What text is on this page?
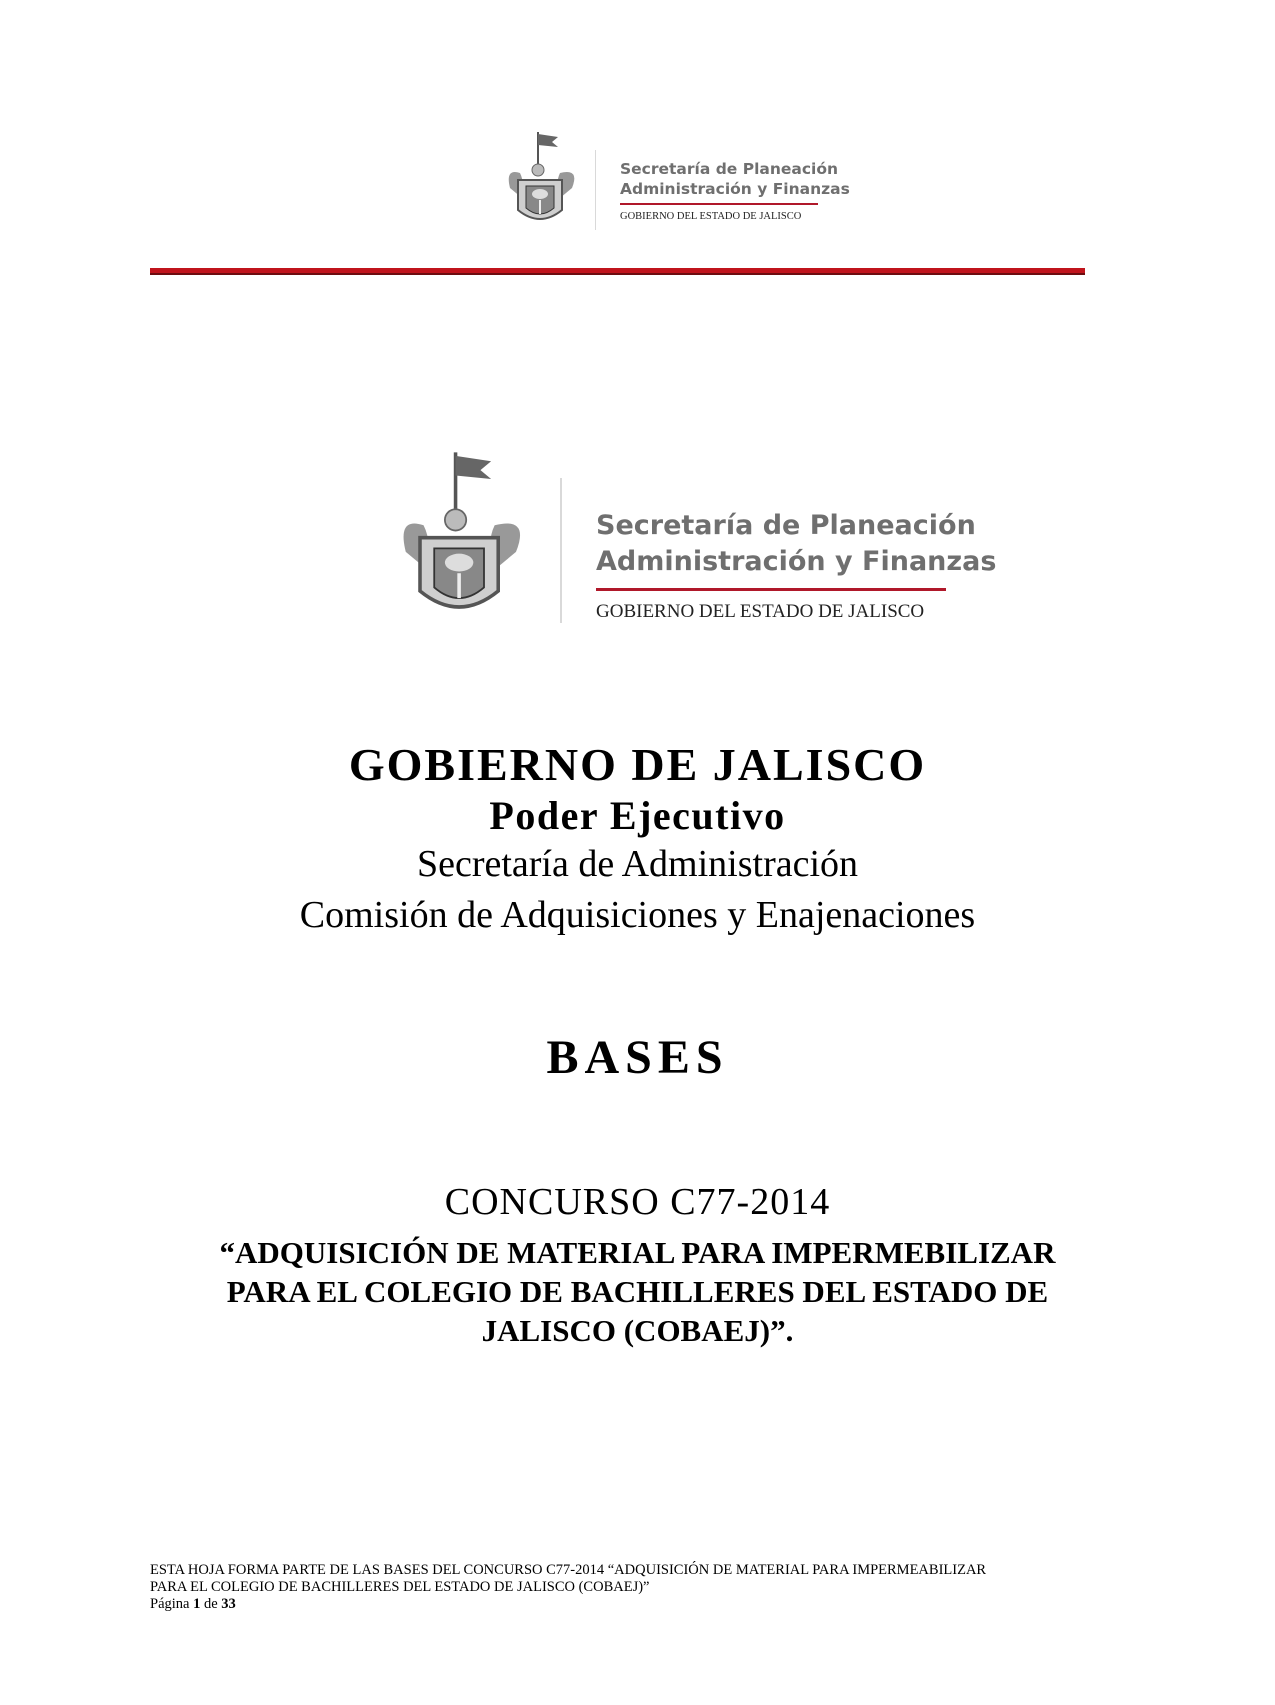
Secretaría de Planeación
Administración y Finanzas
GOBIERNO DEL ESTADO DE JALISCO
Secretaría de Planeación
Administración y Finanzas
GOBIERNO DEL ESTADO DE JALISCO
GOBIERNO DE JALISCO
Poder Ejecutivo
Secretaría de Administración
Comisión de Adquisiciones y Enajenaciones
BASES
CONCURSO C77-2014
“ADQUISICIÓN DE MATERIAL PARA IMPERMEBILIZAR PARA EL COLEGIO DE BACHILLERES DEL ESTADO DE JALISCO (COBAEJ)”.
ESTA HOJA FORMA PARTE DE LAS BASES DEL CONCURSO C77-2014 “ADQUISICIÓN DE MATERIAL PARA IMPERMEABILIZAR
PARA EL COLEGIO DE BACHILLERES DEL ESTADO DE JALISCO (COBAEJ)”
Página 1 de 33
